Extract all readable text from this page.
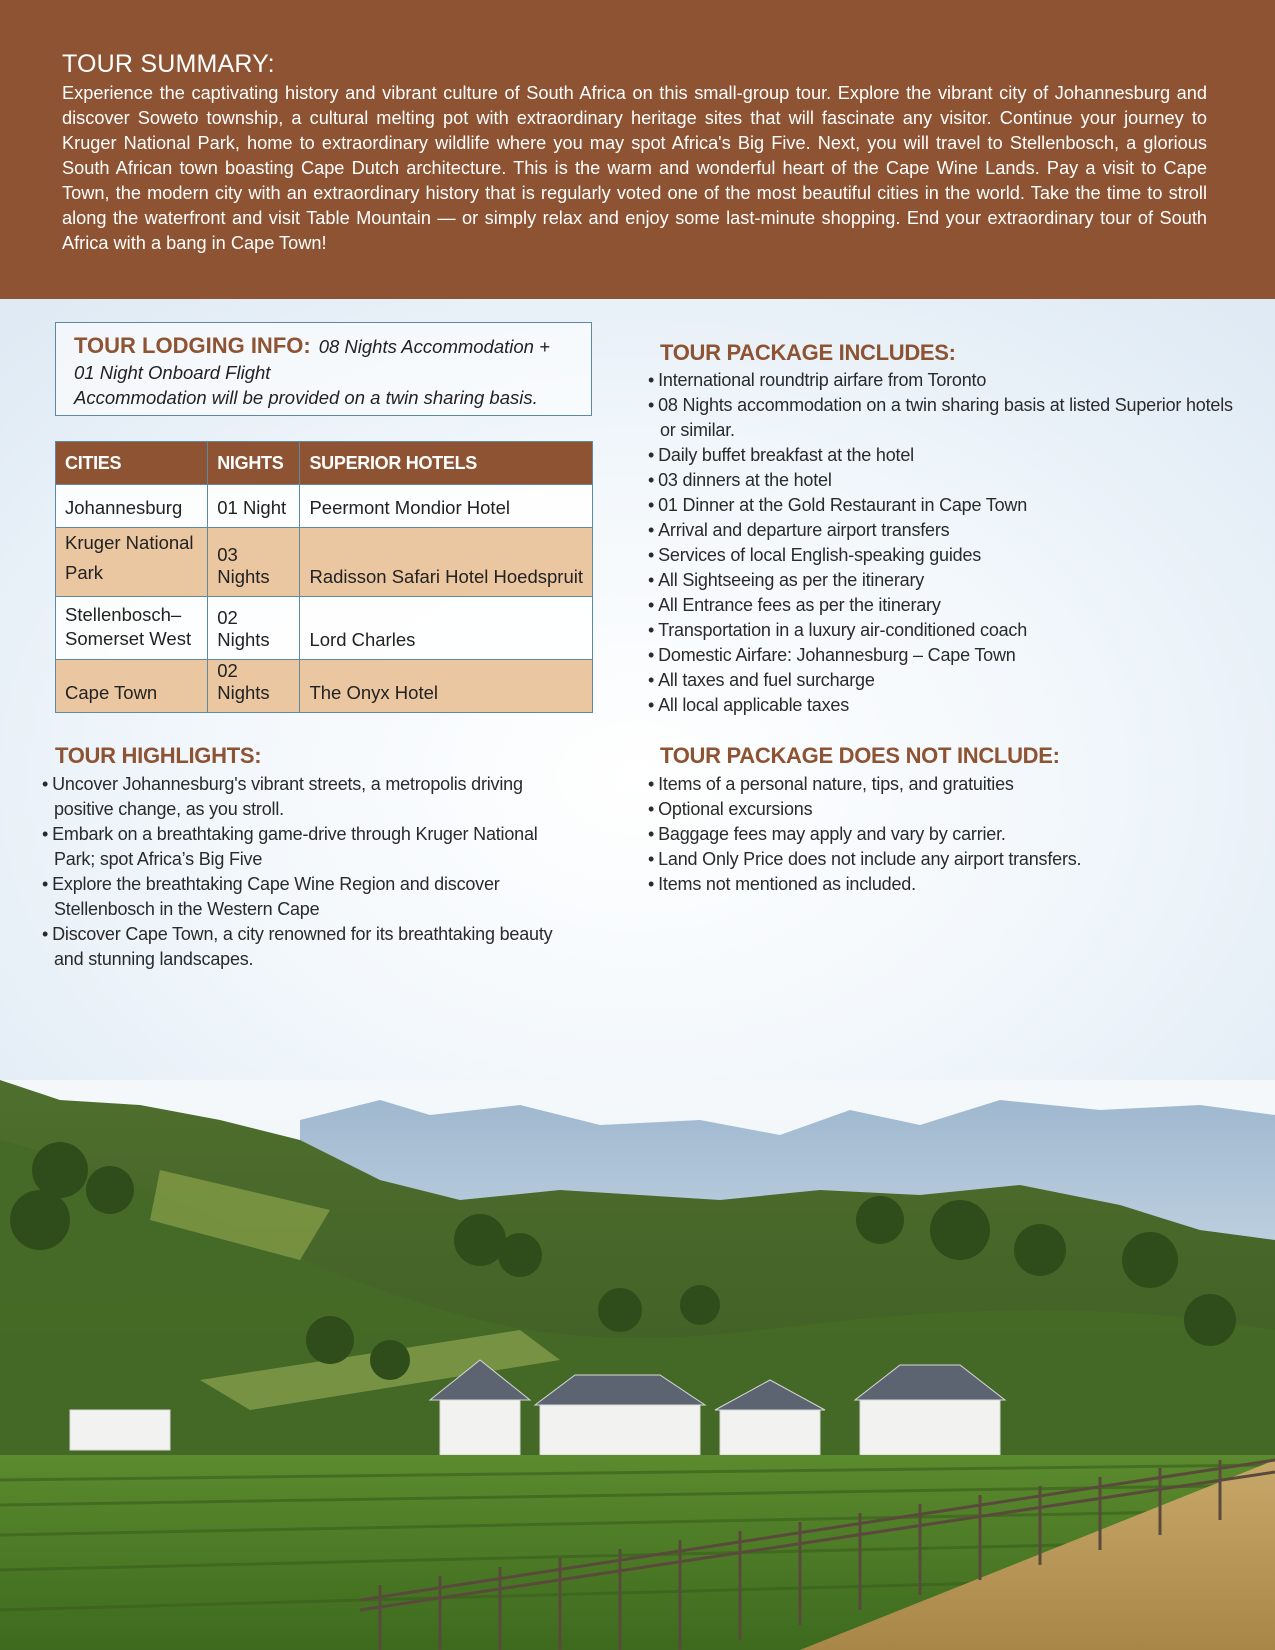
TOUR SUMMARY:
Experience the captivating history and vibrant culture of South Africa on this small-group tour. Explore the vibrant city of Johannesburg and discover Soweto township, a cultural melting pot with extraordinary heritage sites that will fascinate any visitor. Continue your journey to Kruger National Park, home to extraordinary wildlife where you may spot Africa's Big Five. Next, you will travel to Stellenbosch, a glorious South African town boasting Cape Dutch architecture. This is the warm and wonderful heart of the Cape Wine Lands. Pay a visit to Cape Town, the modern city with an extraordinary history that is regularly voted one of the most beautiful cities in the world. Take the time to stroll along the waterfront and visit Table Mountain — or simply relax and enjoy some last-minute shopping. End your extraordinary tour of South Africa with a bang in Cape Town!
TOUR LODGING INFO: 08 Nights Accommodation +
01 Night Onboard Flight
Accommodation will be provided on a twin sharing basis.
CITIES	NIGHTS	SUPERIOR HOTELS
Johannesburg	01 Night	Peermont Mondior Hotel
Kruger National Park	03 Nights	Radisson Safari Hotel Hoedspruit
Stellenbosch– Somerset West	02 Nights	Lord Charles
Cape Town	02 Nights	The Onyx Hotel
TOUR HIGHLIGHTS:
• Uncover Johannesburg's vibrant streets, a metropolis driving positive change, as you stroll.
• Embark on a breathtaking game-drive through Kruger National Park; spot Africa’s Big Five
• Explore the breathtaking Cape Wine Region and discover Stellenbosch in the Western Cape
• Discover Cape Town, a city renowned for its breathtaking beauty and stunning landscapes.
TOUR PACKAGE INCLUDES:
• International roundtrip airfare from Toronto
• 08 Nights accommodation on a twin sharing basis at listed Superior hotels or similar.
• Daily buffet breakfast at the hotel
• 03 dinners at the hotel
• 01 Dinner at the Gold Restaurant in Cape Town
• Arrival and departure airport transfers
• Services of local English-speaking guides
• All Sightseeing as per the itinerary
• All Entrance fees as per the itinerary
• Transportation in a luxury air-conditioned coach
• Domestic Airfare: Johannesburg – Cape Town
• All taxes and fuel surcharge
• All local applicable taxes
TOUR PACKAGE DOES NOT INCLUDE:
• Items of a personal nature, tips, and gratuities
• Optional excursions
• Baggage fees may apply and vary by carrier.
• Land Only Price does not include any airport transfers.
• Items not mentioned as included.
